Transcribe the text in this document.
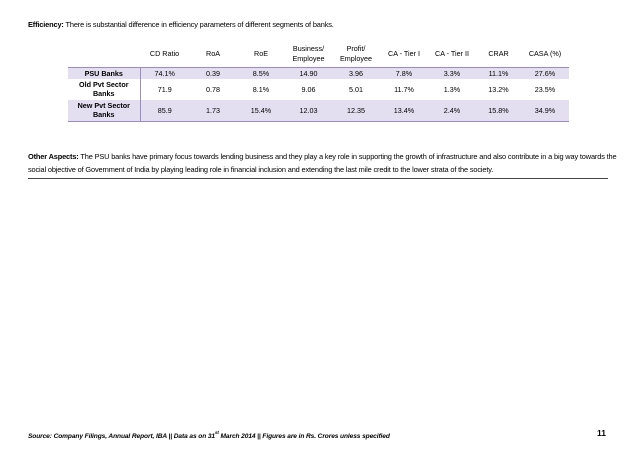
Efficiency: There is substantial difference in efficiency parameters of different segments of banks.
	CD Ratio	RoA	RoE	Business/ Employee	Profit/ Employee	CA - Tier I	CA - Tier II	CRAR	CASA (%)
PSU Banks	74.1%	0.39	8.5%	14.90	3.96	7.8%	3.3%	11.1%	27.6%
Old Pvt Sector Banks	71.9	0.78	8.1%	9.06	5.01	11.7%	1.3%	13.2%	23.5%
New Pvt Sector Banks	85.9	1.73	15.4%	12.03	12.35	13.4%	2.4%	15.8%	34.9%
Other Aspects: The PSU banks have primary focus towards lending business and they play a key role in supporting the growth of infrastructure and also contribute in a big way towards the social objective of Government of India by playing leading role in financial inclusion and extending the last mile credit to the lower strata of the society.
Source: Company Filings, Annual Report, IBA || Data as on 31st March 2014 || Figures are in Rs. Crores unless specified	11
